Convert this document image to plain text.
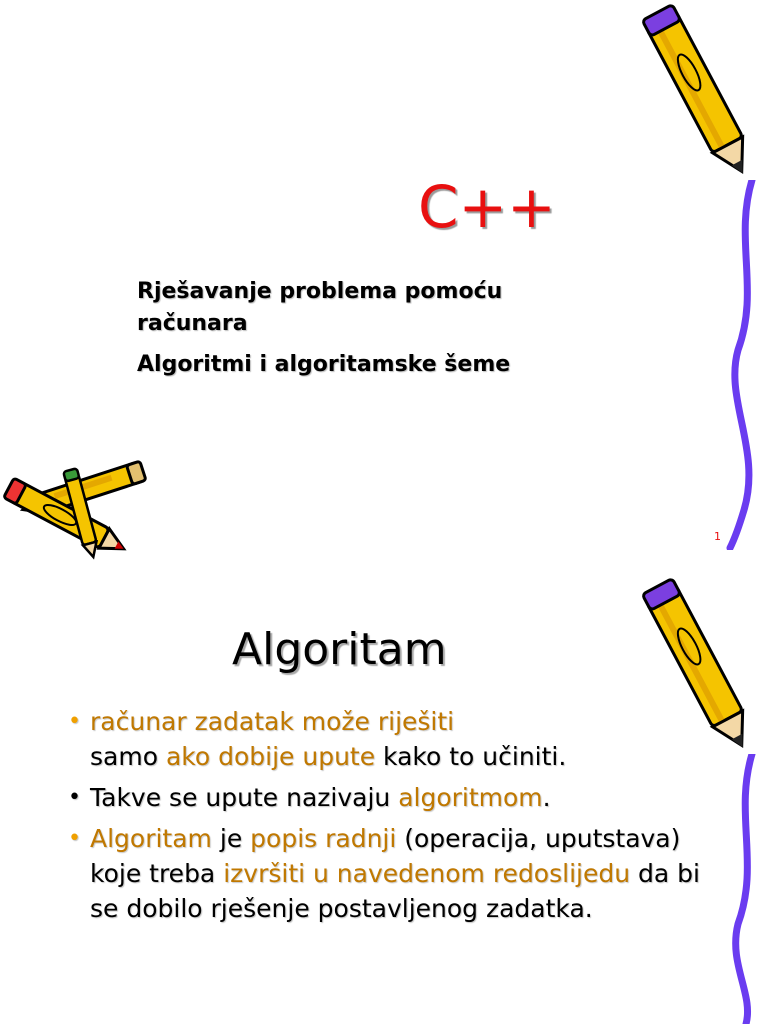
C++
Rješavanje problema pomoću
računara
Algoritmi i algoritamske šeme
1
Algoritam
• računar zadatak može riješiti
samo ako dobije upute kako to učiniti.
• Takve se upute nazivaju algoritmom.
• Algoritam je popis radnji (operacija, uputstava) koje treba izvršiti u navedenom redoslijedu da bi se dobilo rješenje postavljenog zadatka.
